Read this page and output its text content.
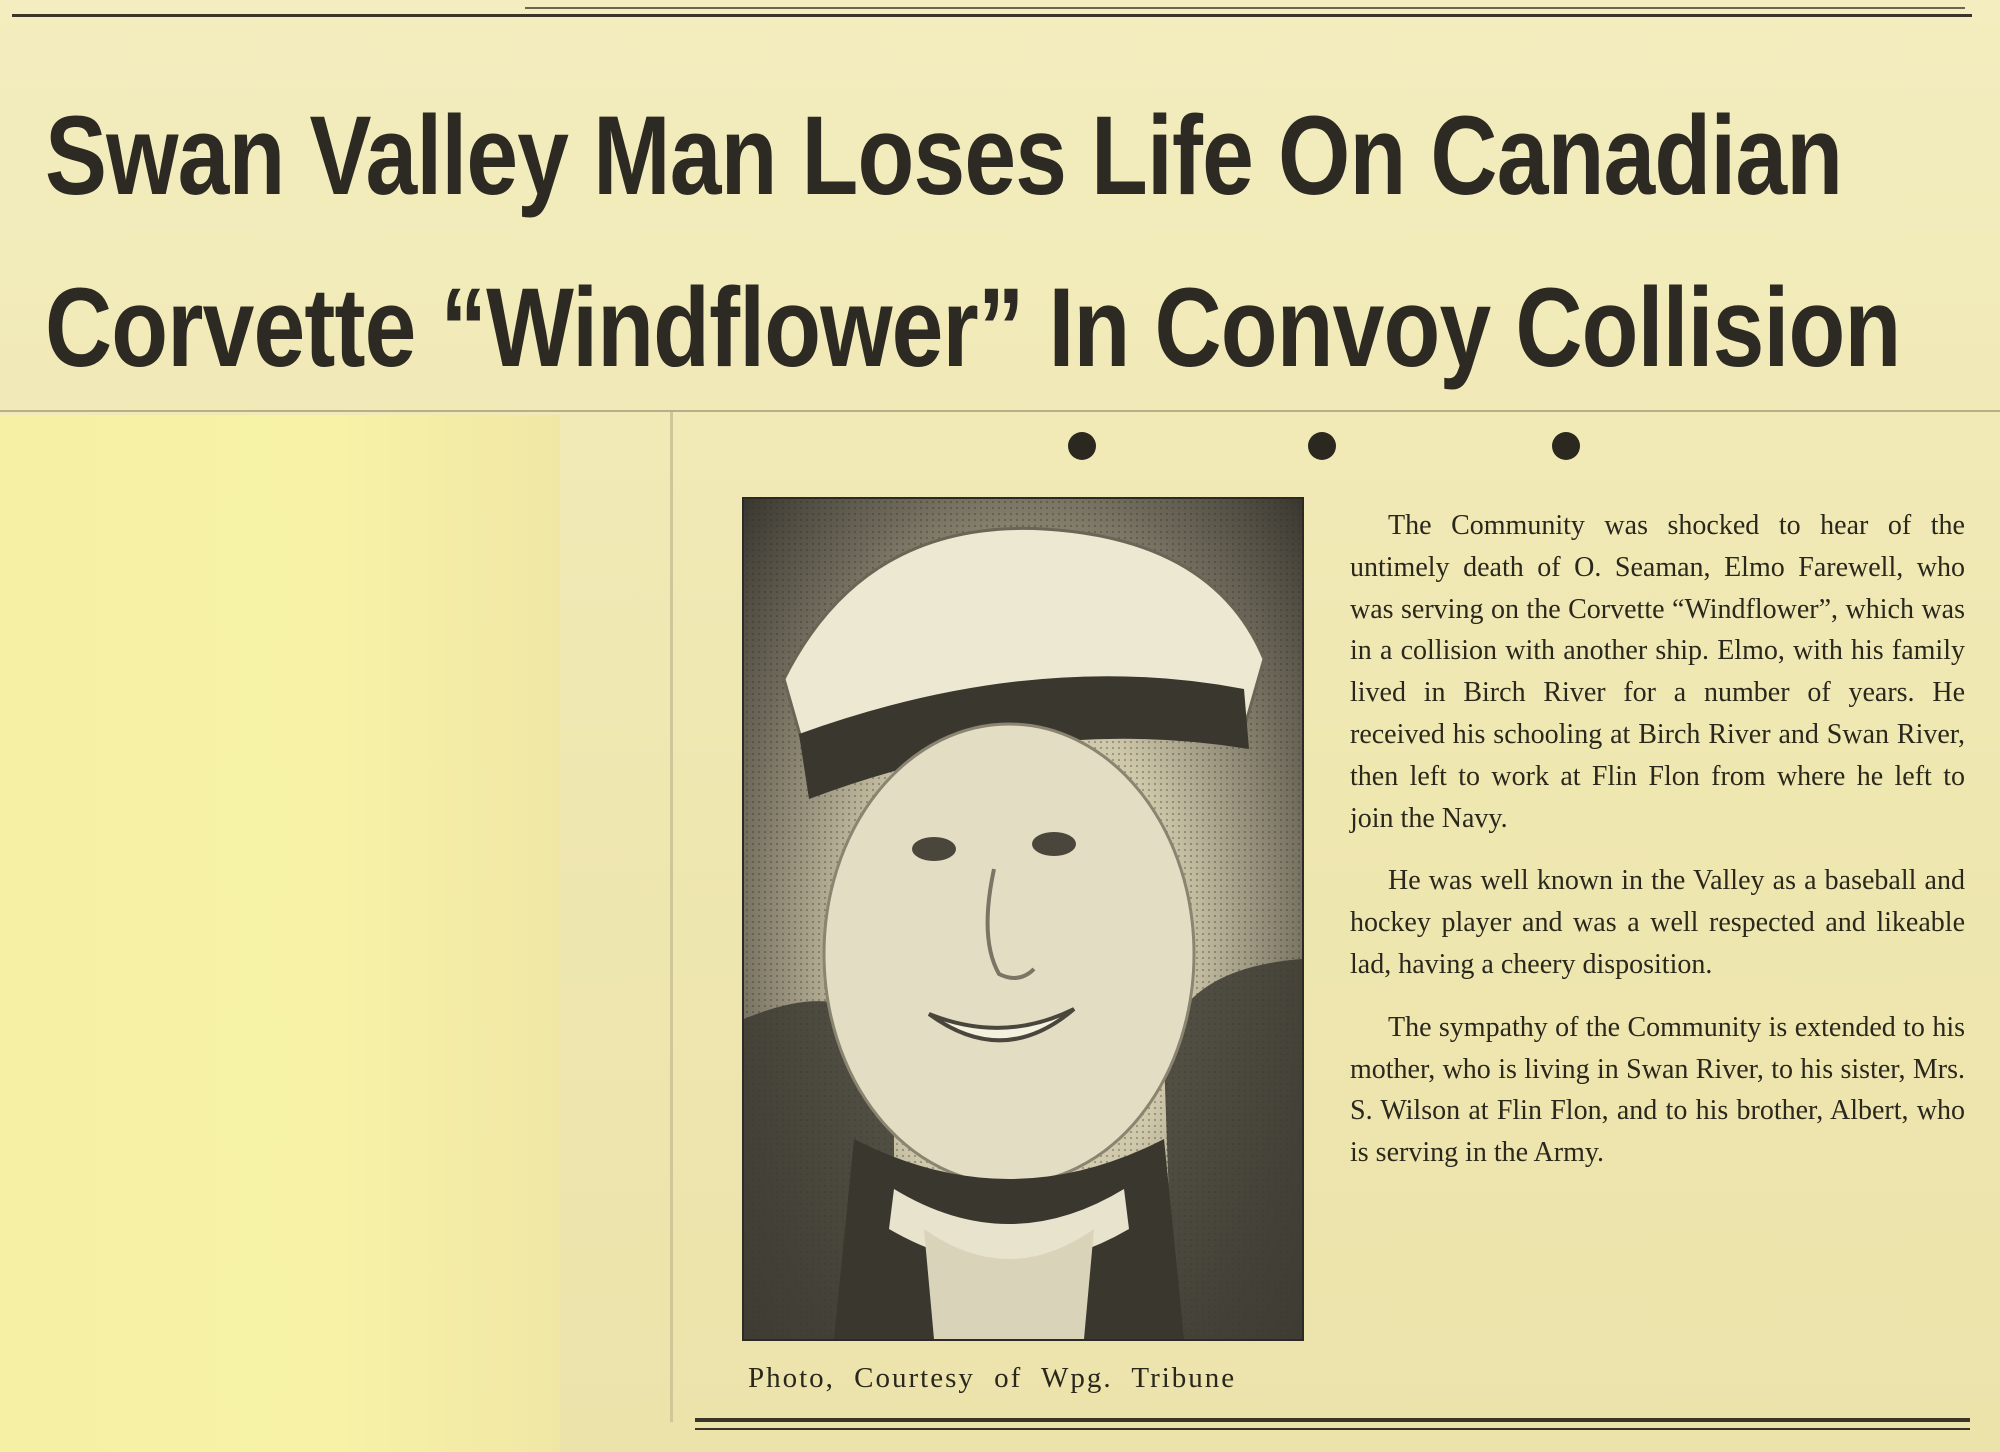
Swan Valley Man Loses Life On Canadian
Corvette “Windflower” In Convoy Collision
Photo, Courtesy of Wpg. Tribune

The Community was shocked to hear of the untimely death of O. Seaman, Elmo Farewell, who was serving on the Corvette “Windflower”, which was in a collision with another ship. Elmo, with his family lived in Birch River for a number of years. He received his schooling at Birch River and Swan River, then left to work at Flin Flon from where he left to join the Navy.

He was well known in the Valley as a baseball and hockey player and was a well respected and likeable lad, having a cheery disposition.

The sympathy of the Community is extended to his mother, who is living in Swan River, to his sister, Mrs. S. Wilson at Flin Flon, and to his brother, Albert, who is serving in the Army.
